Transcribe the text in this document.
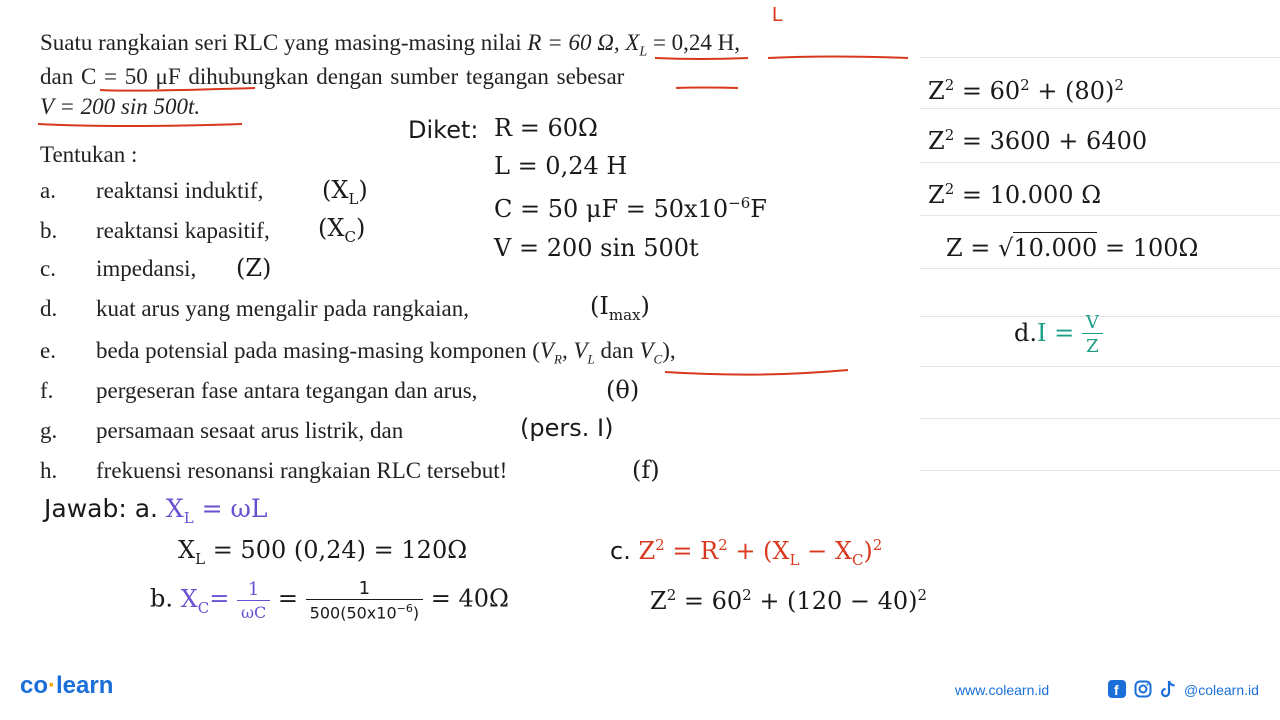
Suatu rangkaian seri RLC yang masing-masing nilai R = 60 Ω, $X_L = 0,24$ H,
L
dan C = 50 μF dihubungkan dengan sumber tegangan sebesar
V = 200 sin 500t.
Tentukan :
a. reaktansi induktif, $(X_L)$
b. reaktansi kapasitif, $(X_C)$
c. impedansi, (Z)
d. kuat arus yang mengalir pada rangkaian,	$(I_{max})$
e. beda potensial pada masing-masing komponen ($V_R$, $V_L$ dan $V_C$),
f. pergeseran fase antara tegangan dan arus,	(θ)
g. persamaan sesaat arus listrik, dan	(pers. I)
h. frekuensi resonansi rangkaian RLC tersebut!	(f)
Diket: R = 60Ω
L = 0,24 H
C = 50 $\mu F = 50x10^{-6}F$
V = 200 sin 500t
Jawab: a. $X_L = \omega L$
$X_L = 500$ (0,24) = 120Ω
b. $X_C= \frac{1}{\omega C} = \frac{1}{500(50x10^{-6})} = 40\Omega$
c. $Z^2 = R^2 + (X_L - X_C)^2$
$Z^2 = 60^2 + (120 - 40)^2$
$Z^2 = 60^2 + (80)^2$
$Z^2 = 3600 + 6400$
$Z^2 = 10.000$ Ω
Z = √10.000 = 100Ω
$d.I = \frac{V}{Z}$
co·learn	www.colearn.id	f	@colearn.id
